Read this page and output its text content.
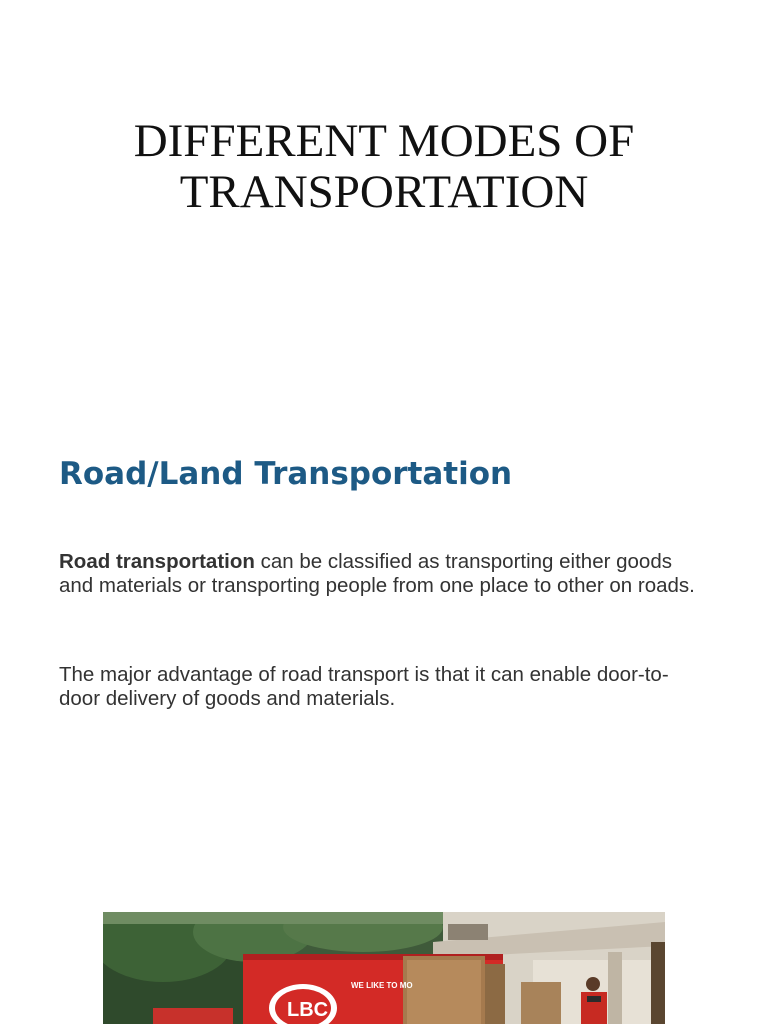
DIFFERENT MODES OF
TRANSPORTATION
Road/Land Transportation

Road transportation can be classified as transporting either goods and materials or transporting people from one place to other on roads.

The major advantage of road transport is that it can enable door-to-door delivery of goods and materials.

LBC
WE LIKE TO MO
